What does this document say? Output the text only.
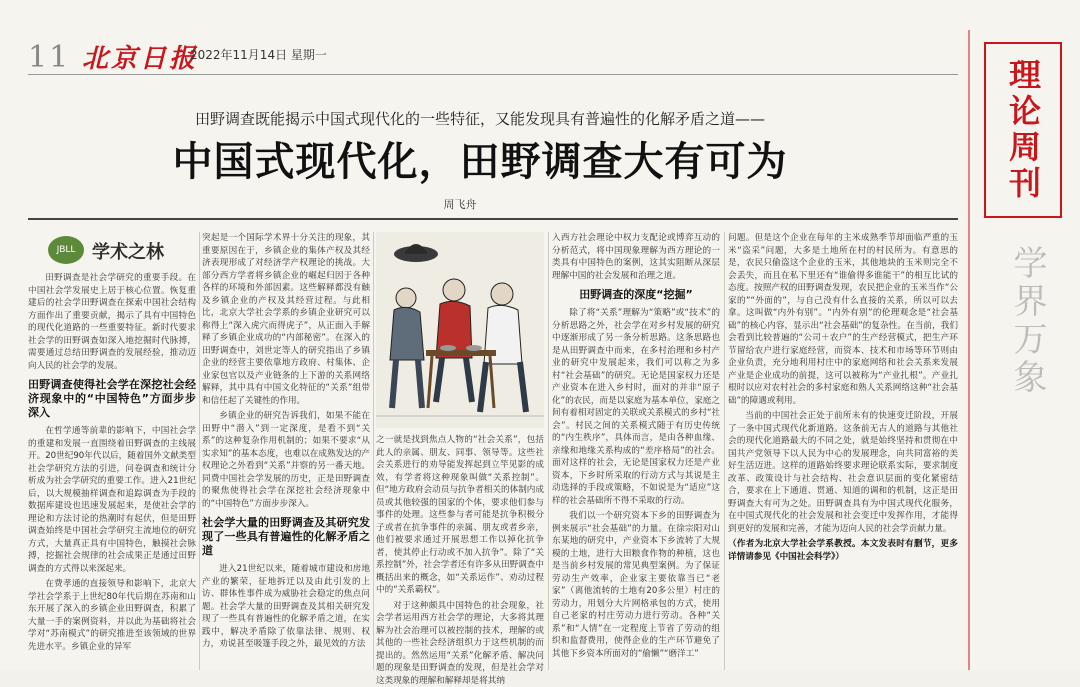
11 北京日报
2022年11月14日 星期一
理论周刊
学界万象
田野调查既能揭示中国式现代化的一些特征，又能发现具有普遍性的化解矛盾之道——
中国式现代化，田野调查大有可为
周飞舟
JBLL 学术之林

田野调查是社会学研究的重要手段。在中国社会学发展史上居于核心位置。恢复重建后的社会学田野调查在探索中国社会结构方面作出了重要贡献，揭示了具有中国特色的现代化道路的一些重要特征。新时代要求社会学的田野调查如深入地挖掘时代脉搏，需要通过总结田野调查的发展经验，推动迈向人民的社会学的发展。

田野调查使得社会学在深挖社会经济现象中的“中国特色”方面步步深入

在哲学通等前辈的影响下，中国社会学的重建和发展一直围绕着田野调查的主线展开。20世纪90年代以后，随着国外文献类型社会学研究方法的引进，问卷调查和统计分析成为社会学研究的重要工作。进入21世纪后，以大规模抽样调查和追踪调查为手段的数据库建设也迅速发展起来，是使社会学的理论和方法讨论的热潮时有起伏，但是田野调查始终是中国社会学研究主流地位的研究方式，大量真正具有中国特色，触摸社会脉搏，挖掘社会规律的社会成果正是通过田野调查的方式得以来深起来。

在费孝通的直接领导和影响下，北京大学社会学系于上世纪80年代后期在苏南和山东开展了深入的乡镇企业田野调查，积累了大量一手的案例资料，并以此为基础将社会学对“苏南模式”的研究推进至该领域的世界先进水平。乡镇企业的异军

突起是一个国际学术界十分关注的现象，其重要原因在于，乡镇企业的集体产权及其经济表现形成了对经济学产权理论的挑战。大部分西方学者将乡镇企业的崛起归因于各种各样的环境和外部因素。这些解释都没有触及乡镇企业的产权及其经营过程。与此相比，北京大学社会学系的乡镇企业研究可以称得上“深入虎穴而得虎子”，从正面入手解释了乡镇企业成功的“内部秘密”。在深入的田野调查中，刘世定等人的研究指出了乡镇企业的经营主要依靠地方政府、村集体、企业家包官以及产业链条的上下游的关系网络解释，其中具有中国文化特征的“关系”组带和信任起了关键性的作用。

乡镇企业的研究告诉我们，如果不能在田野中“潜入”到一定深度，是看不到“关系”的这种复杂作用机制的；如果不要求“从实求知”的基本态度，也难以在成熟发达的产权理论之外看到“关系”并察的另一番天地。同费中国社会学发展的历史，正是田野调查的聚焦使得社会学在深挖社会经济现象中的“中国特色”方面步步深入。

社会学大量的田野调查及其研究发现了一些具有普遍性的化解矛盾之道

进入21世纪以来，随着城市建设和房地产业的繁荣，征地拆迁以及由此引发的上访、群体性事件成为威胁社会稳定的焦点问题。社会学大量的田野调查及其相关研究发现了一些具有普遍性的化解矛盾之道，在实践中，解决矛盾除了依靠法律、规则、权力，劝说甚至吸篷手段之外，最见效的方法

之一就是找到焦点人物的“社会关系”，包括此人的亲属、朋友、同事、领导等。这些社会关系进行的劝导能发挥起到立竿见影的成效，有学者将这种现象叫做“关系控制”。但“地方政府会动员与抗争者相关的体制内成员或其他较强的国家的个体，要求他们参与事件的处理。这些参与者可能是抗争积极分子或者在抗争事件的亲属、朋友或者乡亲，他们被要求通过开展思想工作以掉化抗争者，使其停止行动或不加入抗争”。除了“关系控制”外，社会学者还有许多从田野调查中概括出来的概念，如“关系运作”、劝动过程中的“关系霸权”。

对于这种颇具中国特色的社会现象，社会学者运用西方社会学的理论，大多将其理解为社会治理可以被控制的技术，理解的或其他的一些社会经济组织力于这些机制的而提出的。然然运用“关系”化解矛盾、解决问题的现象是田野调查的发现，但是社会学对这类现象的理解和解释却是将其纳

入西方社会理论中权力支配论或博弈互动的分析范式，将中国现象理解为西方理论的一类具有中国特色的案例，这其实阻断从深层理解中国的社会发展和治理之道。

田野调查的深度“挖掘”

除了将“关系”理解为“策略”或“技术”的分析思路之外，社会学在对乡村发展的研究中逐渐形成了另一条分析思路。这条思路也是从田野调查中而来，在多村治理和乡村产业的研究中发展起来，我们可以称之为多村“社会基础”的研究。无论是国家权力还是产业资本在进入乡村时，面对的并非“原子化”的农民，而是以家庭为基本单位，家庭之间有着相对固定的关联或关系模式的乡村“社会”。村民之间的关系模式随于有历史传统的“内生秩序”，具体而言，是由各种血缘、亲缘和地缘关系构成的“差序格局”的社会。面对这样的社会，无论是国家权力还是产业资本，下乡时所采取的行动方式与其说是主动选择的手段或策略，不如说是为“适应”这样的社会基础所不得不采取的行动。

我们以一个研究资本下乡的田野调查为例来展示“社会基础”的力量。在徐宗阳对山东某地的研究中，产业资本下乡流转了大规模的土地，进行大田粮食作物的种植，这也是当前乡村发展的常见典型案例。为了保证劳动生产效率，企业家主要依靠当已“老家”（离他流转的土地有20多公里）村庄的劳动力，用划分大片网格承包的方式，使用自己老家的村庄劳动力进行劳动。各种“关系”和“人情”在一定程度上节省了劳动的组织和监督费用，使得企业的生产环节避免了其他下乡资本所面对的“偷懒”“磨洋工”

问题。但是这个企业在每年的主米成熟季节却面临严重的玉米“盗采”问题，大多是土地所在村的村民所为。有意思的是，农民只偷盗这个企业的玉米，其他地块的玉米则完全不会丢失，而且在私下里还有“谁偷得多谁能干”的相互比试的态度。按照产权的田野调查发现，农民把企业的玉米当作“公家的”“外面的”，与自己没有什么直接的关系，所以可以去拿。这叫做“内外有别”。“内外有别”的伦理观念是“社会基础”的核心内容，显示出“社会基础”的复杂性。在当前，我们会看到比较普遍的“公司＋农户”的生产经营模式，把生产环节留给农户进行家庭经营，而资本、技术和市场等环节则由企业负责，充分地利用村庄中的家庭网络和社会关系来发展产业是企业成功的前提，这可以被称为“产业扎根”。产业扎根时以应对农村社会的多村家庭和熟人关系网络这种“社会基础”的障遇或利用。

当前的中国社会正处于前所未有的快速变迁阶段，开展了一条中国式现代化新道路。这条前无古人的道路与其他社会的现代化道路最大的不同之处，就是始终坚持和贯彻在中国共产党领导下以人民为中心的发展理念，向共同富裕的美好生活迈进。这样的道路始终要求理论联系实际，要求制度改革、政策设计与社会结构、社会意识层面的变化紧密结合，要求在上下通道、贯通、知道的调和的机制，这正是田野调查大有可为之处。田野调查具有为中国式现代化服务，在中国式现代化的社会发展和社会变迁中发挥作用，才能得到更好的发展和完善，才能为迈向人民的社会学贡献力量。

（作者为北京大学社会学系教授。本文发表时有删节，更多详情请参见《中国社会科学》）
